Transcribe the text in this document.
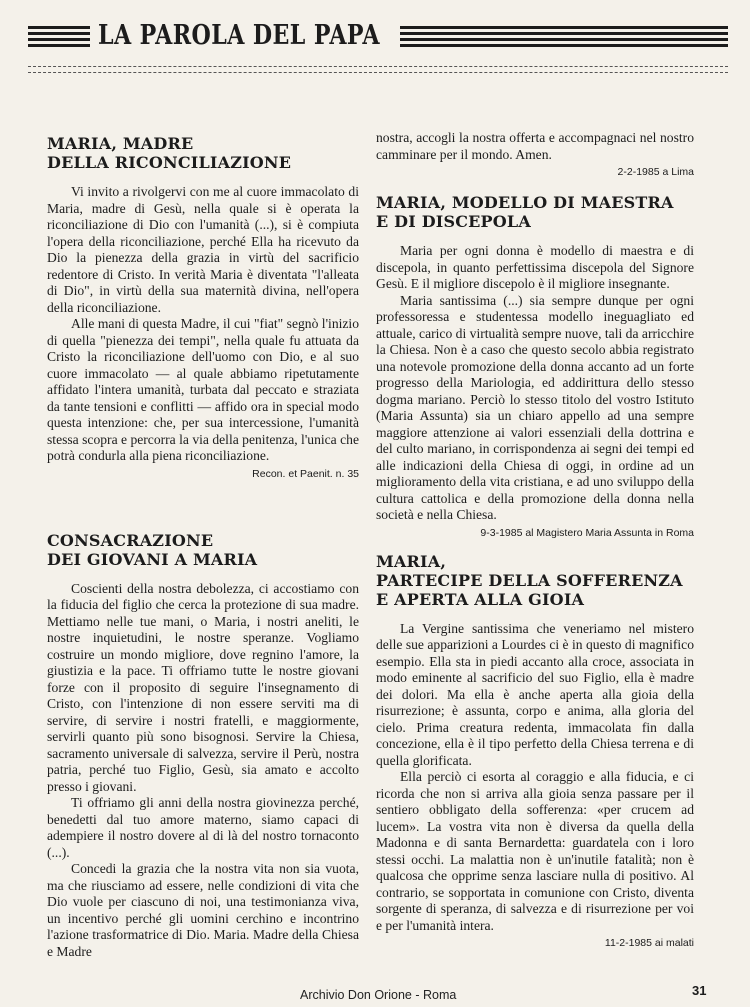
LA PAROLA DEL PAPA
MARIA, MADRE
DELLA RICONCILIAZIONE

Vi invito a rivolgervi con me al cuore immacolato di Maria, madre di Gesù, nella quale si è operata la riconciliazione di Dio con l'umanità (...), si è compiuta l'opera della riconciliazione, perché Ella ha ricevuto da Dio la pienezza della grazia in virtù del sacrificio redentore di Cristo. In verità Maria è diventata "l'alleata di Dio", in virtù della sua maternità divina, nell'opera della riconciliazione.

Alle mani di questa Madre, il cui "fiat" segnò l'inizio di quella "pienezza dei tempi", nella quale fu attuata da Cristo la riconciliazione dell'uomo con Dio, e al suo cuore immacolato — al quale abbiamo ripetutamente affidato l'intera umanità, turbata dal peccato e straziata da tante tensioni e conflitti — affido ora in special modo questa intenzione: che, per sua intercessione, l'umanità stessa scopra e percorra la via della penitenza, l'unica che potrà condurla alla piena riconciliazione.

Recon. et Paenit. n. 35
CONSACRAZIONE
DEI GIOVANI A MARIA

Coscienti della nostra debolezza, ci accostiamo con la fiducia del figlio che cerca la protezione di sua madre. Mettiamo nelle tue mani, o Maria, i nostri aneliti, le nostre inquietudini, le nostre speranze. Vogliamo costruire un mondo migliore, dove regnino l'amore, la giustizia e la pace. Ti offriamo tutte le nostre giovani forze con il proposito di seguire l'insegnamento di Cristo, con l'intenzione di non essere serviti ma di servire, di servire i nostri fratelli, e maggiormente, servirli quanto più sono bisognosi. Servire la Chiesa, sacramento universale di salvezza, servire il Perù, nostra patria, perché tuo Figlio, Gesù, sia amato e accolto presso i giovani.

Ti offriamo gli anni della nostra giovinezza perché, benedetti dal tuo amore materno, siamo capaci di adempiere il nostro dovere al di là del nostro tornaconto (...).

Concedi la grazia che la nostra vita non sia vuota, ma che riusciamo ad essere, nelle condizioni di vita che Dio vuole per ciascuno di noi, una testimonianza viva, un incentivo perché gli uomini cerchino e incontrino l'azione trasformatrice di Dio. Maria. Madre della Chiesa e Madre

nostra, accogli la nostra offerta e accompagnaci nel nostro camminare per il mondo. Amen.

2-2-1985 a Lima
MARIA, MODELLO DI MAESTRA
E DI DISCEPOLA

Maria per ogni donna è modello di maestra e di discepola, in quanto perfettissima discepola del Signore Gesù. E il migliore discepolo è il migliore insegnante.

Maria santissima (...) sia sempre dunque per ogni professoressa e studentessa modello ineguagliato ed attuale, carico di virtualità sempre nuove, tali da arricchire la Chiesa. Non è a caso che questo secolo abbia registrato una notevole promozione della donna accanto ad un forte progresso della Mariologia, ed addirittura dello stesso dogma mariano. Perciò lo stesso titolo del vostro Istituto (Maria Assunta) sia un chiaro appello ad una sempre maggiore attenzione ai valori essenziali della dottrina e del culto mariano, in corrispondenza ai segni dei tempi ed alle indicazioni della Chiesa di oggi, in ordine ad un miglioramento della vita cristiana, e ad uno sviluppo della cultura cattolica e della promozione della donna nella società e nella Chiesa.

9-3-1985 al Magistero Maria Assunta in Roma
MARIA,
PARTECIPE DELLA SOFFERENZA
E APERTA ALLA GIOIA

La Vergine santissima che veneriamo nel mistero delle sue apparizioni a Lourdes ci è in questo di magnifico esempio. Ella sta in piedi accanto alla croce, associata in modo eminente al sacrificio del suo Figlio, ella è madre dei dolori. Ma ella è anche aperta alla gioia della risurrezione; è assunta, corpo e anima, alla gloria del cielo. Prima creatura redenta, immacolata fin dalla concezione, ella è il tipo perfetto della Chiesa terrena e di quella glorificata.

Ella perciò ci esorta al coraggio e alla fiducia, e ci ricorda che non si arriva alla gioia senza passare per il sentiero obbligato della sofferenza: «per crucem ad lucem». La vostra vita non è diversa da quella della Madonna e di santa Bernardetta: guardatela con i loro stessi occhi. La malattia non è un'inutile fatalità; non è qualcosa che opprime senza lasciare nulla di positivo. Al contrario, se sopportata in comunione con Cristo, diventa sorgente di speranza, di salvezza e di risurrezione per voi e per l'umanità intera.

11-2-1985 ai malati
Archivio Don Orione - Roma	31
